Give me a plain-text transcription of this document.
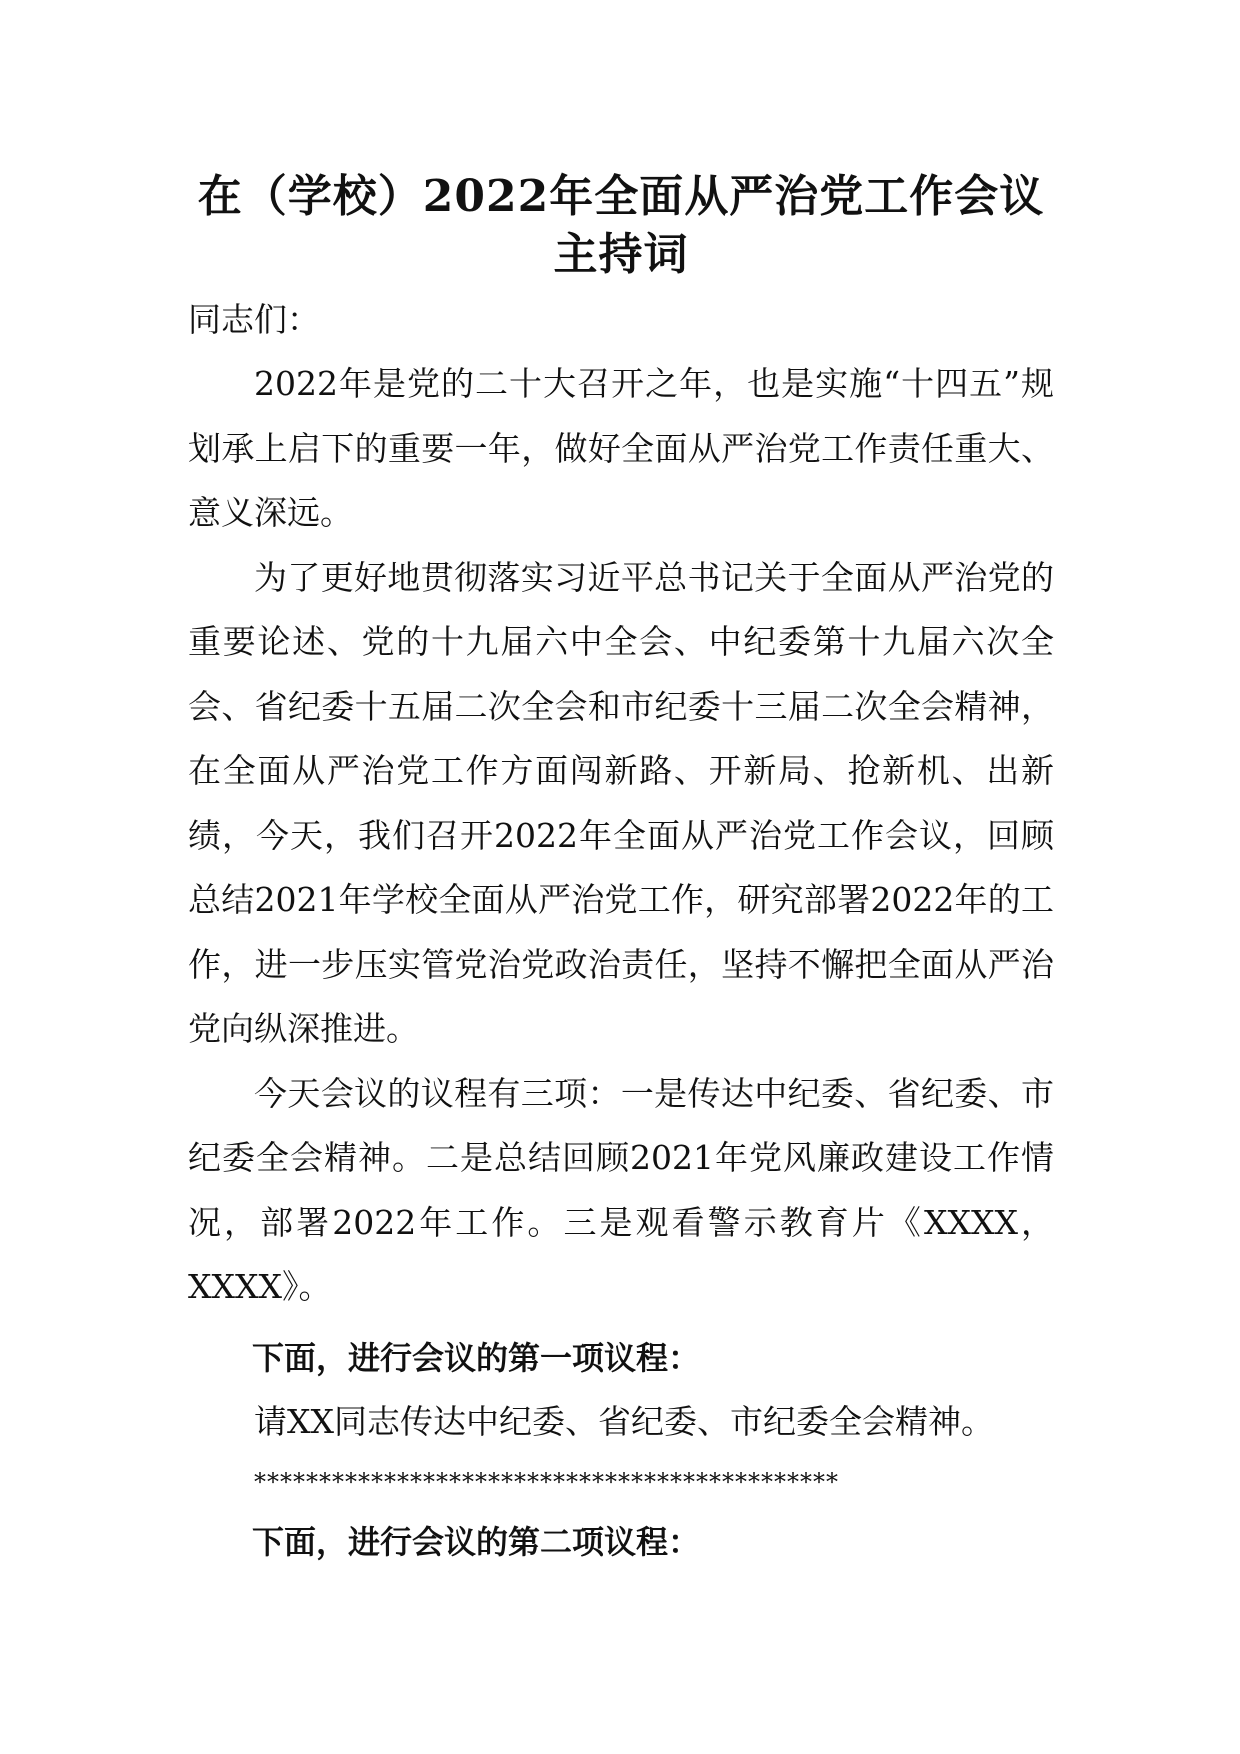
在（学校）2022年全面从严治党工作会议
主持词

同志们：

2022年是党的二十大召开之年，也是实施“十四五”规划承上启下的重要一年，做好全面从严治党工作责任重大、意义深远。

为了更好地贯彻落实习近平总书记关于全面从严治党的重要论述、党的十九届六中全会、中纪委第十九届六次全会、省纪委十五届二次全会和市纪委十三届二次全会精神，在全面从严治党工作方面闯新路、开新局、抢新机、出新绩，今天，我们召开2022年全面从严治党工作会议，回顾总结2021年学校全面从严治党工作，研究部署2022年的工作，进一步压实管党治党政治责任，坚持不懈把全面从严治党向纵深推进。

今天会议的议程有三项：一是传达中纪委、省纪委、市纪委全会精神。二是总结回顾2021年党风廉政建设工作情况，部署2022年工作。三是观看警示教育片《XXXX，XXXX》。

下面，进行会议的第一项议程：

请XX同志传达中纪委、省纪委、市纪委全会精神。

*********************************************

下面，进行会议的第二项议程：
